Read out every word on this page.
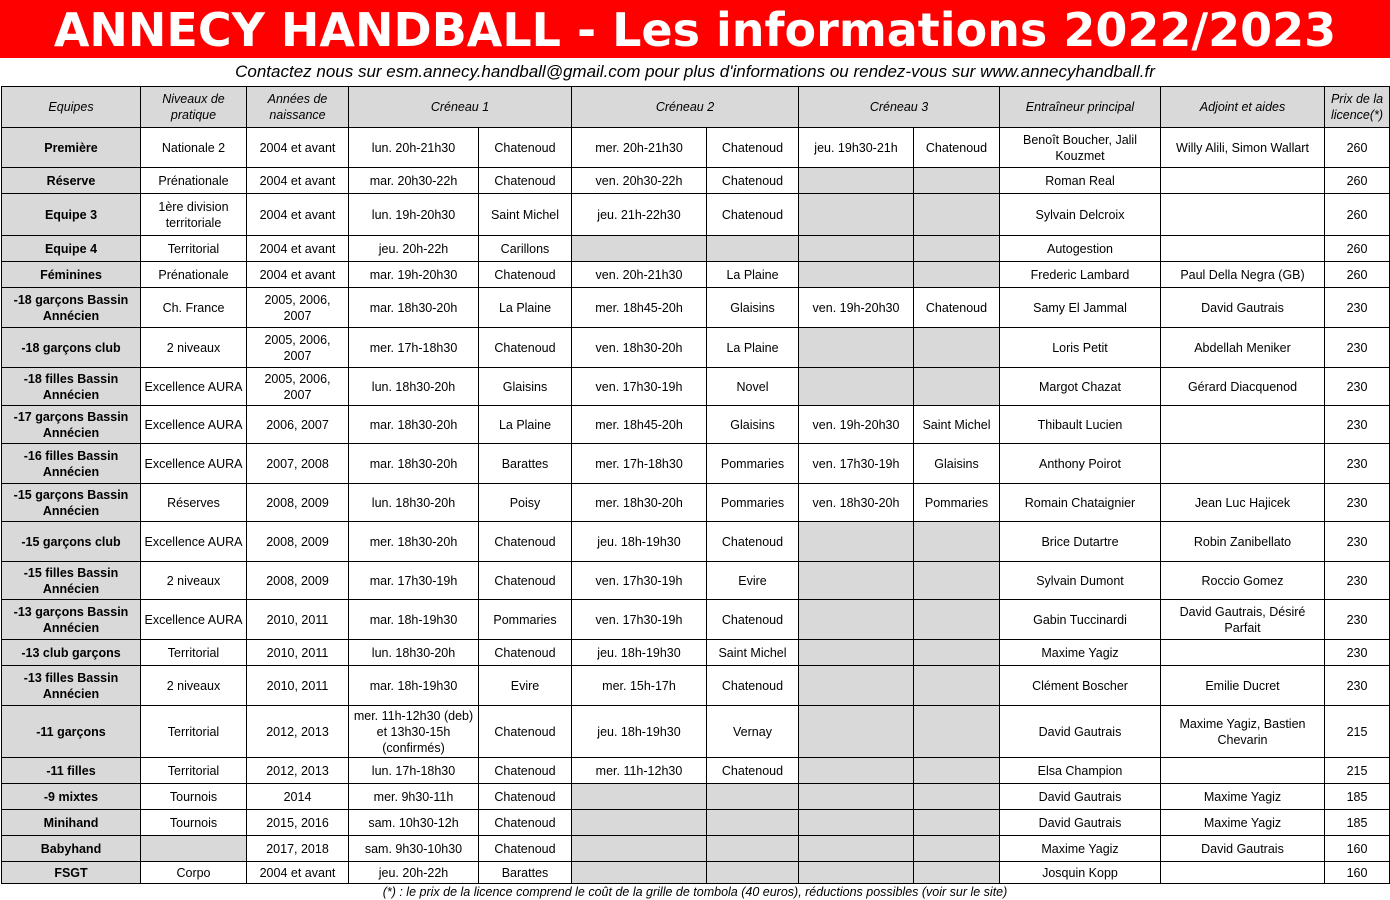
ANNECY HANDBALL - Les informations 2022/2023
Contactez nous sur esm.annecy.handball@gmail.com pour plus d'informations ou rendez-vous sur www.annecyhandball.fr
Equipes	Niveaux de pratique	Années de naissance	Créneau 1		Créneau 2		Créneau 3		Entraîneur principal	Adjoint et aides	Prix de la licence(*)
Première	Nationale 2	2004 et avant	lun. 20h-21h30	Chatenoud	mer. 20h-21h30	Chatenoud	jeu. 19h30-21h	Chatenoud	Benoît Boucher, Jalil Kouzmet	Willy Alili, Simon Wallart	260
Réserve	Prénationale	2004 et avant	mar. 20h30-22h	Chatenoud	ven. 20h30-22h	Chatenoud			Roman Real		260
Equipe 3	1ère division territoriale	2004 et avant	lun. 19h-20h30	Saint Michel	jeu. 21h-22h30	Chatenoud			Sylvain Delcroix		260
Equipe 4	Territorial	2004 et avant	jeu. 20h-22h	Carillons					Autogestion		260
Féminines	Prénationale	2004 et avant	mar. 19h-20h30	Chatenoud	ven. 20h-21h30	La Plaine			Frederic Lambard	Paul Della Negra (GB)	260
-18 garçons Bassin Annécien	Ch. France	2005, 2006, 2007	mar. 18h30-20h	La Plaine	mer. 18h45-20h	Glaisins	ven. 19h-20h30	Chatenoud	Samy El Jammal	David Gautrais	230
-18 garçons club	2 niveaux	2005, 2006, 2007	mer. 17h-18h30	Chatenoud	ven. 18h30-20h	La Plaine			Loris Petit	Abdellah Meniker	230
-18 filles Bassin Annécien	Excellence AURA	2005, 2006, 2007	lun. 18h30-20h	Glaisins	ven. 17h30-19h	Novel			Margot Chazat	Gérard Diacquenod	230
-17 garçons Bassin Annécien	Excellence AURA	2006, 2007	mar. 18h30-20h	La Plaine	mer. 18h45-20h	Glaisins	ven. 19h-20h30	Saint Michel	Thibault Lucien		230
-16 filles Bassin Annécien	Excellence AURA	2007, 2008	mar. 18h30-20h	Barattes	mer. 17h-18h30	Pommaries	ven. 17h30-19h	Glaisins	Anthony Poirot		230
-15 garçons Bassin Annécien	Réserves	2008, 2009	lun. 18h30-20h	Poisy	mer. 18h30-20h	Pommaries	ven. 18h30-20h	Pommaries	Romain Chataignier	Jean Luc Hajicek	230
-15 garçons club	Excellence AURA	2008, 2009	mer. 18h30-20h	Chatenoud	jeu. 18h-19h30	Chatenoud			Brice Dutartre	Robin Zanibellato	230
-15 filles Bassin Annécien	2 niveaux	2008, 2009	mar. 17h30-19h	Chatenoud	ven. 17h30-19h	Evire			Sylvain Dumont	Roccio Gomez	230
-13 garçons Bassin Annécien	Excellence AURA	2010, 2011	mar. 18h-19h30	Pommaries	ven. 17h30-19h	Chatenoud			Gabin Tuccinardi	David Gautrais, Désiré Parfait	230
-13 club garçons	Territorial	2010, 2011	lun. 18h30-20h	Chatenoud	jeu. 18h-19h30	Saint Michel			Maxime Yagiz		230
-13 filles Bassin Annécien	2 niveaux	2010, 2011	mar. 18h-19h30	Evire	mer. 15h-17h	Chatenoud			Clément Boscher	Emilie Ducret	230
-11 garçons	Territorial	2012, 2013	mer. 11h-12h30 (deb) et 13h30-15h (confirmés)	Chatenoud	jeu. 18h-19h30	Vernay			David Gautrais	Maxime Yagiz, Bastien Chevarin	215
-11 filles	Territorial	2012, 2013	lun. 17h-18h30	Chatenoud	mer. 11h-12h30	Chatenoud			Elsa Champion		215
-9 mixtes	Tournois	2014	mer. 9h30-11h	Chatenoud					David Gautrais	Maxime Yagiz	185
Minihand	Tournois	2015, 2016	sam. 10h30-12h	Chatenoud					David Gautrais	Maxime Yagiz	185
Babyhand		2017, 2018	sam. 9h30-10h30	Chatenoud					Maxime Yagiz	David Gautrais	160
FSGT	Corpo	2004 et avant	jeu. 20h-22h	Barattes					Josquin Kopp		160
(*) : le prix de la licence comprend le coût de la grille de tombola (40 euros), réductions possibles (voir sur le site)
